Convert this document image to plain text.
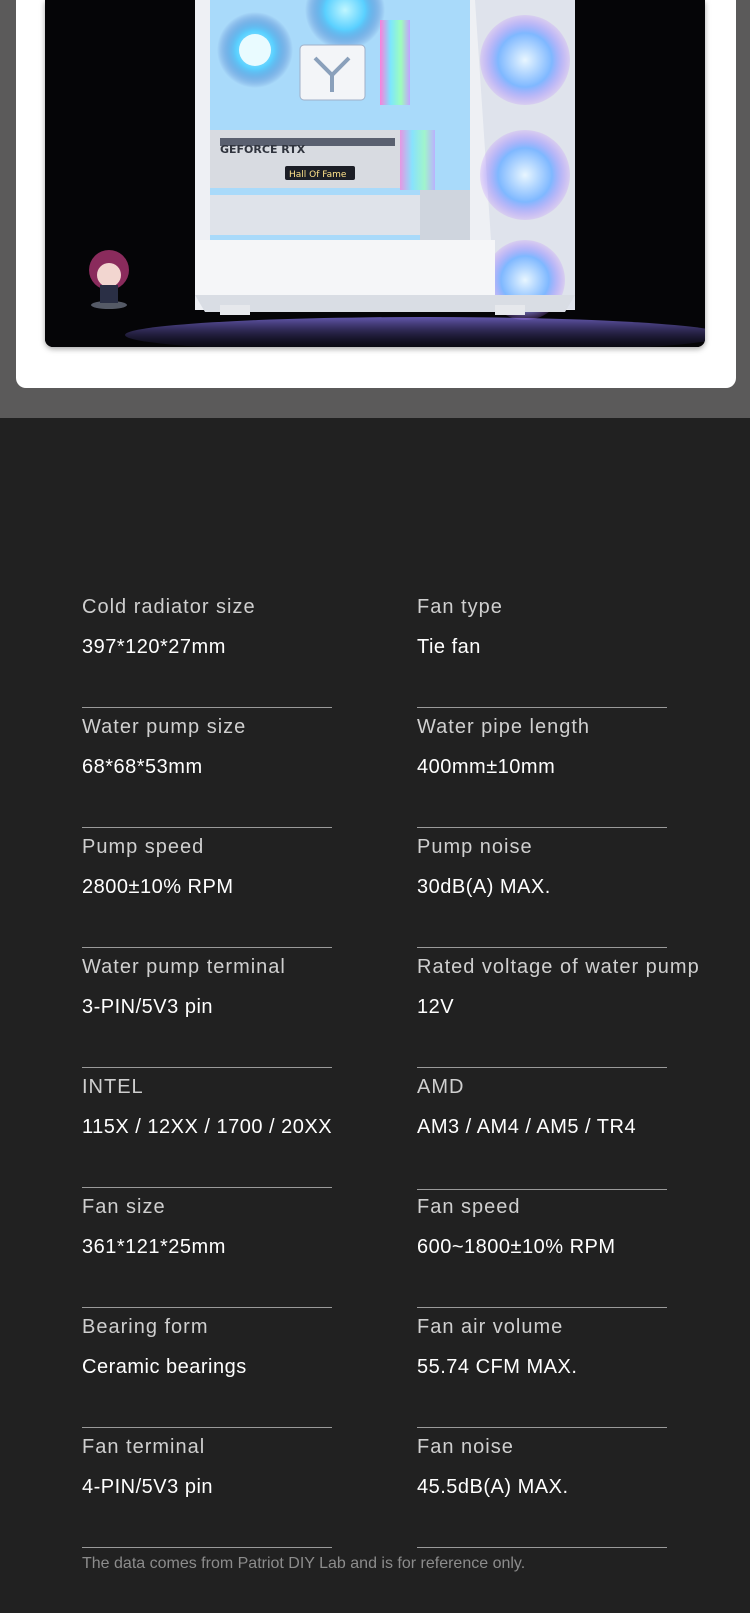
GEFORCE RTX
Hall Of Fame
Cold radiator size
397*120*27mm
Fan type
Tie fan
Water pump size
68*68*53mm
Water pipe length
400mm±10mm
Pump speed
2800±10% RPM
Pump noise
30dB(A) MAX.
Water pump terminal
3-PIN/5V3 pin
Rated voltage of water pump
12V
INTEL
115X / 12XX / 1700 / 20XX
AMD
AM3 / AM4 / AM5 / TR4
Fan size
361*121*25mm
Fan speed
600~1800±10% RPM
Bearing form
Ceramic bearings
Fan air volume
55.74 CFM MAX.
Fan terminal
4-PIN/5V3 pin
Fan noise
45.5dB(A) MAX.
The data comes from Patriot DIY Lab and is for reference only.
